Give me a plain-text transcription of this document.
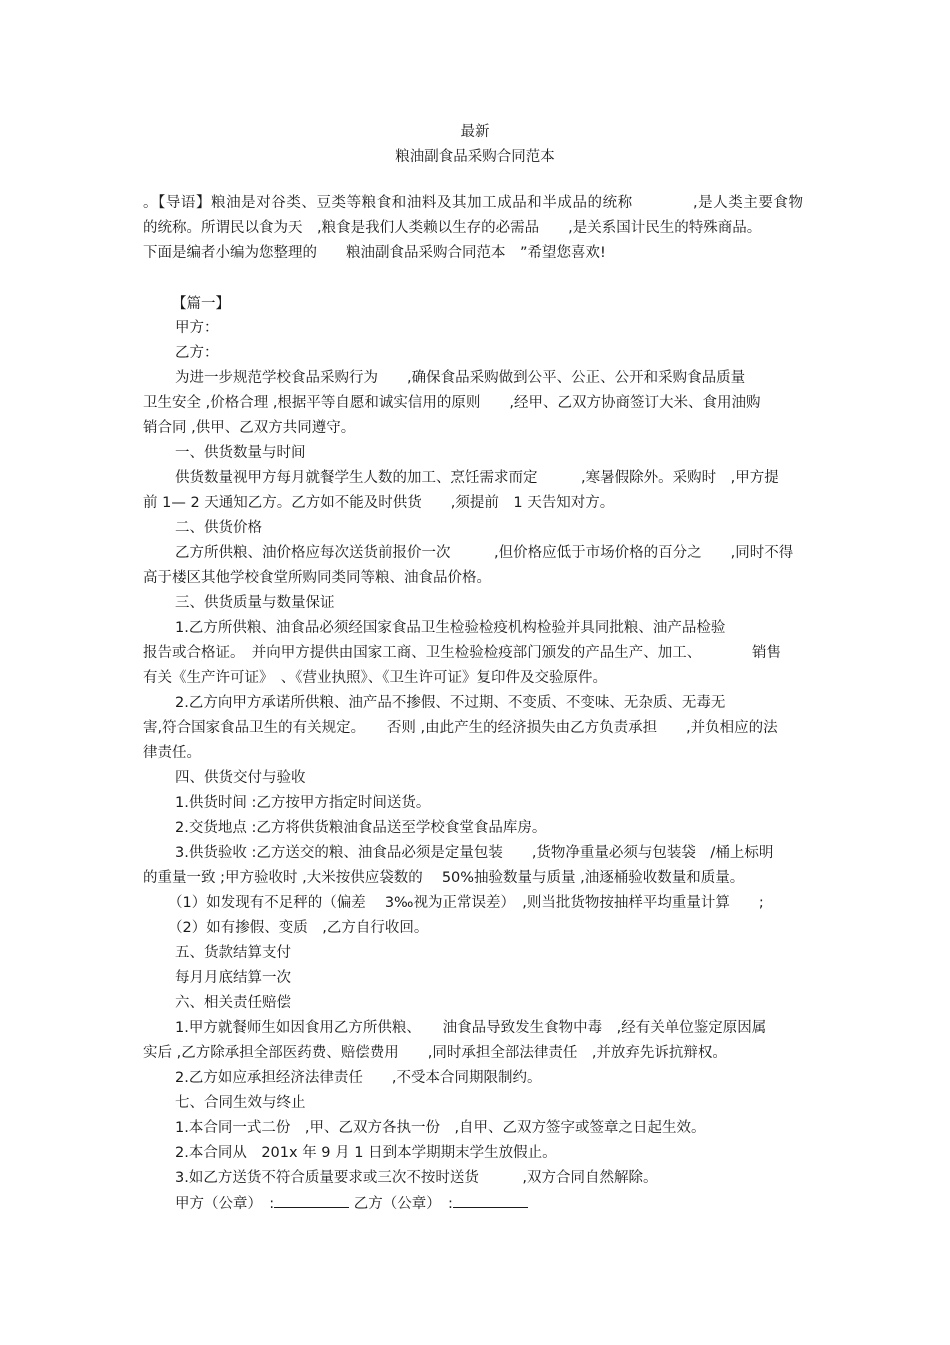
最新
粮油副食品采购合同范本
。【导语】粮油是对谷类、豆类等粮食和油料及其加工成品和半成品的统称　　　　,是人类主要食物
的统称。所谓民以食为天　,粮食是我们人类赖以生存的必需品　　,是关系国计民生的特殊商品。
下面是编者小编为您整理的　　粮油副食品采购合同范本　”希望您喜欢!
【篇一】
甲方：
乙方：
为进一步规范学校食品采购行为　　,确保食品采购做到公平、公正、公开和采购食品质量
卫生安全 ,价格合理 ,根据平等自愿和诚实信用的原则　　,经甲、乙双方协商签订大米、食用油购
销合同 ,供甲、乙双方共同遵守。
一、供货数量与时间
供货数量视甲方每月就餐学生人数的加工、烹饪需求而定　　　,寒暑假除外。采购时　,甲方提
前 1— 2 天通知乙方。乙方如不能及时供货　　,须提前　1 天告知对方。
二、供货价格
乙方所供粮、油价格应每次送货前报价一次　　　,但价格应低于市场价格的百分之　　,同时不得
高于楼区其他学校食堂所购同类同等粮、油食品价格。
三、供货质量与数量保证
1.乙方所供粮、油食品必须经国家食品卫生检验检疫机构检验并具同批粮、油产品检验
报告或合格证。　并向甲方提供由国家工商、卫生检验检疫部门颁发的产品生产、加工、　　　　销售
有关《生产许可证》　、《营业执照》、《卫生许可证》复印件及交验原件。
2.乙方向甲方承诺所供粮、油产品不掺假、不过期、不变质、不变味、无杂质、无毒无
害,符合国家食品卫生的有关规定。　　否则 ,由此产生的经济损失由乙方负责承担　　,并负相应的法
律责任。
四、供货交付与验收
1.供货时间 :乙方按甲方指定时间送货。
2.交货地点 :乙方将供货粮油食品送至学校食堂食品库房。
3.供货验收 :乙方送交的粮、油食品必须是定量包装　　,货物净重量必须与包装袋　/桶上标明
的重量一致 ;甲方验收时 ,大米按供应袋数的　 50%抽验数量与质量 ,油逐桶验收数量和质量。
（1）如发现有不足秤的（偏差　 3‰视为正常误差）　,则当批货物按抽样平均重量计算　　;
（2）如有掺假、变质　,乙方自行收回。
五、货款结算支付
每月月底结算一次
六、相关责任赔偿
1.甲方就餐师生如因食用乙方所供粮、　　油食品导致发生食物中毒　,经有关单位鉴定原因属
实后 ,乙方除承担全部医药费、赔偿费用　　,同时承担全部法律责任　,并放弃先诉抗辩权。
2.乙方如应承担经济法律责任　　,不受本合同期限制约。
七、合同生效与终止
1.本合同一式二份　,甲、乙双方各执一份　,自甲、乙双方签字或签章之日起生效。
2.本合同从　201x 年 9 月 1 日到本学期期末学生放假止。
3.如乙方送货不符合质量要求或三次不按时送货　　　,双方合同自然解除。
甲方（公章）　:	乙方（公章）　:
